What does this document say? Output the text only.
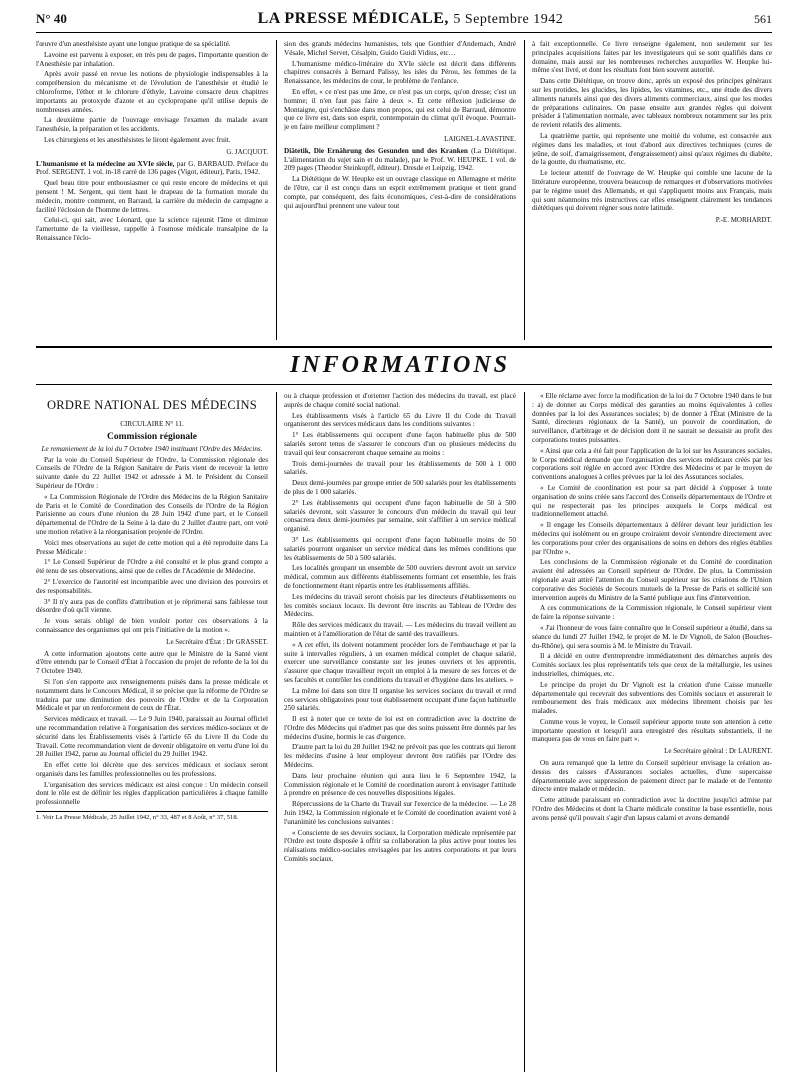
N° 40	LA PRESSE MÉDICALE, 5 Septembre 1942	561

l'œuvre d'un anesthésiste ayant une longue pratique de sa spécialité.

Lavoine est parvenu à exposer, en très peu de pages, l'importante question de l'Anesthésie par inhalation.

Après avoir passé en revue les notions de physiologie indispensables à la compréhension du mécanisme et de l'évolution de l'anesthésie et étudié le chloroforme, l'éther et le chlorure d'éthyle, Lavoine consacre deux chapitres importants au protoxyde d'azote et au cyclopropane qu'il utilise depuis de nombreuses années.

La deuxième partie de l'ouvrage envisage l'examen du malade avant l'anesthésie, la préparation et les accidents.

Les chirurgiens et les anesthésistes le liront également avec fruit.

G. JACQUOT.

L'humanisme et la médecine au XVIe siècle, par G. BARBAUD. Préface du Prof. SERGENT. 1 vol. in-18 carré de 136 pages (Vigot, éditeur), Paris, 1942.

Quel beau titre pour enthousiasmer ce qui reste encore de médecins et qui pensent ! M. Sergent, qui tient haut le drapeau de la formation morale du médecin, montre comment, en Barraud, la carrière du médecin de campagne a facilité l'éclosion de l'homme de lettres.

Celui-ci, qui sait, avec Léonard, que la science rajeunit l'âme et diminue l'amertume de la vieillesse, rappelle à l'osmose médicale transalpine de la Renaissance l'éclo-

sion des grands médecins humanistes, tels que Gonthier d'Andernach, André Vésale, Michel Servet, Césalpin, Guido Guidi Vidius, etc…

L'humanisme médico-littéraire du XVIe siècle est décrit dans différents chapitres consacrés à Bernard Palissy, les isles du Pérou, les femmes de la Renaissance, les médecins de cour, le problème de l'enfance.

En effet, « ce n'est pas une âme, ce n'est pas un corps, qu'on dresse; c'est un homme; il n'en faut pas faire à deux ». Et cette réflexion judicieuse de Montaigne, qui s'enchâsse dans mon propos, qui est celui de Barraud, démontre que ce livre est, dans son esprit, contemporain du climat qu'il évoque. Pourrait-je en faire meilleur compliment ?

LAIGNEL-LAVASTINE.

Diätetik, Die Ernährung des Gesunden und des Kranken (La Diététique. L'alimentation du sujet sain et du malade), par le Prof. W. HEUPKE. 1 vol. de 209 pages (Theodor Steinkopff, éditeur). Dresde et Leipzig, 1942.

La Diététique de W. Heupke est un ouvrage classique en Allemagne et mérite de l'être, car il est conçu dans un esprit extrêmement pratique et tient grand compte, par conséquent, des faits économiques, c'est-à-dire de considérations qui aujourd'hui prennent une valeur tout

à fait exceptionnelle. Ce livre renseigne également, non seulement sur les principales acquisitions faites par les investigateurs qui se sont qualifiés dans ce domaine, mais aussi sur les nombreuses recherches auxquelles W. Heupke lui-même s'est livré, et dont les résultats font bien souvent autorité.

Dans cette Diététique, on trouve donc, après un exposé des principes généraux sur les protides, les glucides, les lipides, les vitamines, etc., une étude des divers aliments naturels ainsi que des divers aliments commerciaux, ainsi que les modes de préparations culinaires. On passe ensuite aux grandes règles qui doivent présider à l'alimentation normale, avec tableaux nombreux notamment sur les prix de revient relatifs des aliments.

La quatrième partie, qui représente une moitié du volume, est consacrée aux régimes dans les maladies, et tout d'abord aux directives techniques (cures de jeûne, de soif, d'amaigrissement, d'engraissement) ainsi qu'aux régimes du diabète, de la goutte, du rhumatisme, etc.

Le lecteur attentif de l'ouvrage de W. Heupke qui comble une lacune de la littérature européenne, trouvera beaucoup de remarques et d'observations motivées par le régime usuel des Allemands, et qui s'appliquent moins aux Français, mais qui sont néanmoins très instructives car elles enseignent clairement les tendances diététiques qui doivent régner sous notre latitude.

P.-E. MORHARDT.
INFORMATIONS
ORDRE NATIONAL DES MÉDECINS

CIRCULAIRE N° 11.

Commission régionale

Le remaniement de la loi du 7 Octobre 1940 instituant l'Ordre des Médecins.

Par la voie du Conseil Supérieur de l'Ordre, la Commission régionale des Conseils de l'Ordre de la Région Sanitaire de Paris vient de recevoir la lettre suivante datée du 22 Juillet 1942 et adressée à M. le Président du Conseil Supérieur de l'Ordre :

« La Commission Régionale de l'Ordre des Médecins de la Région Sanitaire de Paris et le Comité de Coordination des Conseils de l'Ordre de la Région Parisienne au cours d'une réunion du 28 Juin 1942 d'une part, et le Conseil départemental de l'Ordre de la Seine à la date du 2 Juillet d'autre part, ont voté une motion relative à la réorganisation projetée de l'Ordre.

Voici mes observations au sujet de cette motion qui a été reproduite dans La Presse Médicale :

1° Le Conseil Supérieur de l'Ordre a été consulté et le plus grand compte a été tenu de ses observations, ainsi que de celles de l'Académie de Médecine.

2° L'exercice de l'autorité est incompatible avec une division des pouvoirs et des responsabilités.

3° Il n'y aura pas de conflits d'attribution et je réprimerai sans faiblesse tout désordre d'où qu'il vienne.

Je vous serais obligé de bien vouloir porter ces observations à la connaissance des organismes qui ont pris l'initiative de la motion ».

Le Secrétaire d'État : Dr GRASSET.

A cette information ajoutons cette autre que le Ministre de la Santé vient d'être entendu par le Conseil d'État à l'occasion du projet de refonte de la loi du 7 Octobre 1940.

Si l'on s'en rapporte aux renseignements puisés dans la presse médicale et notamment dans le Concours Médical, il se précise que la réforme de l'Ordre se traduira par une diminution des pouvoirs de l'Ordre et de la Corporation Médicale et par un renforcement de ceux de l'État.

Services médicaux et travail. — Le 9 Juin 1940, paraissait au Journal officiel une recommandation relative à l'organisation des services médico-sociaux et de sécurité dans les Établissements visés à l'article 65 du Livre II du Code du Travail. Cette recommandation vient de devenir obligatoire en vertu d'une loi du 28 Juillet 1942, parue au Journal officiel du 29 Juillet 1942.

En effet cette loi décrète que des services médicaux et sociaux seront organisés dans les familles professionnelles ou les professions.

L'organisation des services médicaux est ainsi conçue : Un médecin conseil dont le rôle est de définir les règles d'application particulières à chaque famille professionnelle

1. Voir La Presse Médicale, 25 Juillet 1942, n° 33, 487 et 8 Août, n° 37, 518.

ou à chaque profession et d'orienter l'action des médecins du travail, est placé auprès de chaque comité social national.

Les établissements visés à l'article 65 du Livre II du Code du Travail organiseront des services médicaux dans les conditions suivantes :

1° Les établissements qui occupent d'une façon habituelle plus de 500 salariés seront tenus de s'assurer le concours d'un ou plusieurs médecins du travail qui leur consacreront chaque semaine au moins :

Trois demi-journées de travail pour les établissements de 500 à 1 000 salariés.

Deux demi-journées par groupe entier de 500 salariés pour les établissements de plus de 1 000 salariés.

2° Les établissements qui occupent d'une façon habituelle de 50 à 500 salariés devront, soit s'assurer le concours d'un médecin du travail qui leur consacrera deux demi-journées par semaine, soit s'affilier à un service médical organisé.

3° Les établissements qui occupent d'une façon habituelle moins de 50 salariés pourront organiser un service médical dans les mêmes conditions que les établissements de 50 à 500 salariés.

Les localités groupant un ensemble de 500 ouvriers devront avoir un service médical, commun aux différents établissements formant cet ensemble, les frais de fonctionnement étant répartis entre les établissements affiliés.

Les médecins du travail seront choisis par les directeurs d'établissements ou les comités sociaux locaux. Ils devront être inscrits au Tableau de l'Ordre des Médecins.

Rôle des services médicaux du travail. — Les médecins du travail veillent au maintien et à l'amélioration de l'état de santé des travailleurs.

« A cet effet, ils doivent notamment procéder lors de l'embauchage et par la suite à intervalles réguliers, à un examen médical complet de chaque salarié, exercer une surveillance constante sur les jeunes ouvriers et les apprentis, s'assurer que chaque travailleur reçoit un emploi à la mesure de ses forces et de ses facultés et contrôler les conditions du travail et d'hygiène dans les ateliers. »

La même loi dans son titre II organise les services sociaux du travail et rend ces services obligatoires pour tout établissement occupant d'une façon habituelle 250 salariés.

Il est à noter que ce texte de loi est en contradiction avec la doctrine de l'Ordre des Médecins qui n'admet pas que des soins puissent être donnés par les médecins d'usine, hormis le cas d'urgence.

D'autre part la loi du 28 Juillet 1942 ne prévoit pas que les contrats qui lieront les médecins d'usine à leur employeur devront être ratifiés par l'Ordre des Médecins.

Dans leur prochaine réunion qui aura lieu le 6 Septembre 1942, la Commission régionale et le Comité de coordination auront à envisager l'attitude à prendre en présence de ces nouvelles dispositions légales.

Répercussions de la Charte du Travail sur l'exercice de la médecine. — Le 28 Juin 1942, la Commission régionale et le Comité de coordination avaient voté à l'unanimité les conclusions suivantes :

« Consciente de ses devoirs sociaux, la Corporation médicale représentée par l'Ordre est toute disposée à offrir sa collaboration la plus active pour toutes les réalisations médico-sociales envisagées par les autres corporations et par leurs Comités sociaux.

« Elle réclame avec force la modification de la loi du 7 Octobre 1940 dans le but : a) de donner au Corps médical des garanties au moins équivalentes à celles données par la loi des Assurances sociales; b) de donner à l'État (Ministre de la Santé, directeurs régionaux de la Santé), un pouvoir de coordination, de surveillance, d'arbitrage et de décision dont il ne saurait se dessaisir au profit des corporations toutes puissantes.

« Ainsi que cela a été fait pour l'application de la loi sur les Assurances sociales, le Corps médical demande que l'organisation des services médicaux créés par les corporations soit réglée en accord avec l'Ordre des Médecins et par le moyen de conventions analogues à celles prévues par la loi des Assurances sociales.

« Le Comité de coordination est pour sa part décidé à s'opposer à toute organisation de soins créée sans l'accord des Conseils départementaux de l'Ordre et qui ne respecterait pas les principes auxquels le Corps médical est traditionnellement attaché.

« Il engage les Conseils départementaux à déférer devant leur juridiction les médecins qui isolément ou en groupe croiraient devoir s'entendre directement avec les corporations pour créer des organisations de soins en dehors des règles établies par l'Ordre ».

Les conclusions de la Commission régionale et du Comité de coordination avaient été adressées au Conseil supérieur de l'Ordre. De plus, la Commission régionale avait attiré l'attention du Conseil supérieur sur les créations de l'Union corporative des Sociétés de Secours mutuels de la Presse de Paris et sollicité son intervention auprès du Ministre de la Santé publique aux fins d'intervention.

A ces communications de la Commission régionale, le Conseil supérieur vient de faire la réponse suivante :

« J'ai l'honneur de vous faire connaître que le Conseil supérieur a étudié, dans sa séance du lundi 27 Juillet 1942, le projet de M. le Dr Vignoli, de Salon (Bouches-du-Rhône), qui sera soumis à M. le Ministre du Travail.

Il a décidé en outre d'entreprendre immédiatement des démarches auprès des Comités sociaux les plus représentatifs tels que ceux de la métallurgie, les usines industrielles, chimiques, etc.

Le principe du projet du Dr Vignoli est la création d'une Caisse mutuelle départementale qui recevrait des subventions des Comités sociaux et assurerait le remboursement des frais médicaux aux médecins librement choisis par les malades.

Comme vous le voyez, le Conseil supérieur apporte toute son attention à cette importante question et lorsqu'il aura enregistré des résultats substantiels, il ne manquera pas de vous en faire part ».

Le Secrétaire général : Dr LAURENT.

On aura remarqué que la lettre du Conseil supérieur envisage la création au-dessus des caisses d'Assurances sociales actuelles, d'une supercaisse départementale avec suppression de paiement direct par le malade et de l'entente directe entre malade et médecin.

Cette attitude paraissant en contradiction avec la doctrine jusqu'ici admise par l'Ordre des Médecins et dont la Charte médicale constitue la base essentielle, nous avons pensé qu'il pouvait s'agir d'un lapsus calami et avons demandé
